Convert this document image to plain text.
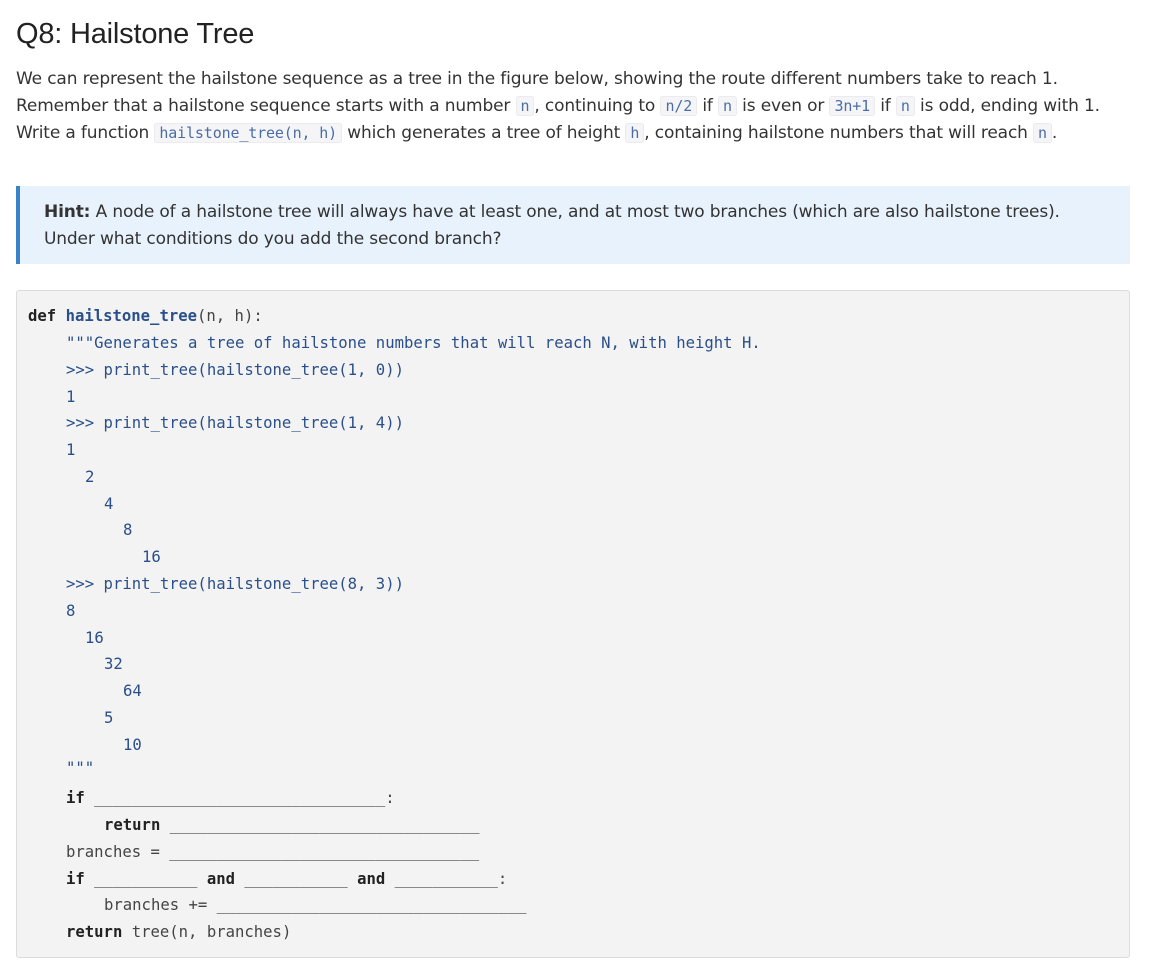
Q8: Hailstone Tree

We can represent the hailstone sequence as a tree in the figure below, showing the route different numbers take to reach 1. Remember that a hailstone sequence starts with a number n , continuing to n/2 if n is even or 3n+1 if n is odd, ending with 1. Write a function hailstone_tree(n, h) which generates a tree of height h , containing hailstone numbers that will reach n .

Hint: A node of a hailstone tree will always have at least one, and at most two branches (which are also hailstone trees). Under what conditions do you add the second branch?
def hailstone_tree(n, h):
"""Generates a tree of hailstone numbers that will reach N, with height H.
>>> print_tree(hailstone_tree(1, 0))
1
>>> print_tree(hailstone_tree(1, 4))
1
2
4
8
16
>>> print_tree(hailstone_tree(8, 3))
8
16
32
64
5
10
"""
if _______________________________:
return _________________________________
branches = _________________________________
if ___________ and ___________ and ___________:
branches += _________________________________
return tree(n, branches)
